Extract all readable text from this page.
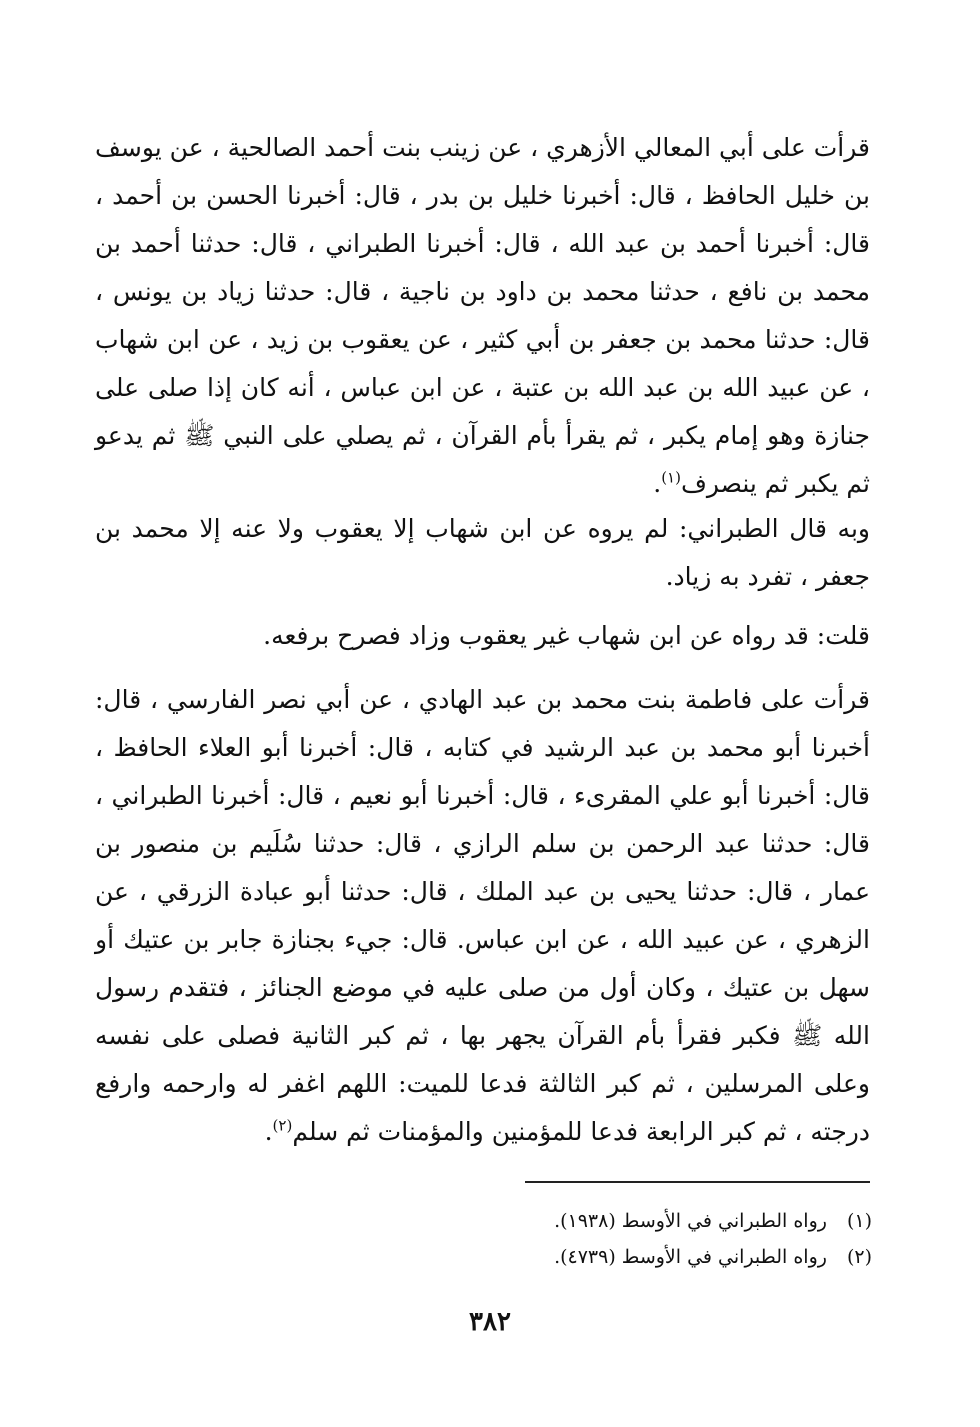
قرأت على أبي المعالي الأزهري ، عن زينب بنت أحمد الصالحية ، عن يوسف بن خليل الحافظ ، قال: أخبرنا خليل بن بدر ، قال: أخبرنا الحسن بن أحمد ، قال: أخبرنا أحمد بن عبد الله ، قال: أخبرنا الطبراني ، قال: حدثنا أحمد بن محمد بن نافع ، حدثنا محمد بن داود بن ناجية ، قال: حدثنا زياد بن يونس ، قال: حدثنا محمد بن جعفر بن أبي كثير ، عن يعقوب بن زيد ، عن ابن شهاب ، عن عبيد الله بن عبد الله بن عتبة ، عن ابن عباس ، أنه كان إذا صلى على جنازة وهو إمام يكبر ، ثم يقرأ بأم القرآن ، ثم يصلي على النبي ﷺ ثم يدعو ثم يكبر ثم ينصرف$^{(١)}$.

وبه قال الطبراني: لم يروه عن ابن شهاب إلا يعقوب ولا عنه إلا محمد بن جعفر ، تفرد به زياد.

قلت: قد رواه عن ابن شهاب غير يعقوب وزاد فصرح برفعه.

قرأت على فاطمة بنت محمد بن عبد الهادي ، عن أبي نصر الفارسي ، قال: أخبرنا أبو محمد بن عبد الرشيد في كتابه ، قال: أخبرنا أبو العلاء الحافظ ، قال: أخبرنا أبو علي المقرىء ، قال: أخبرنا أبو نعيم ، قال: أخبرنا الطبراني ، قال: حدثنا عبد الرحمن بن سلم الرازي ، قال: حدثنا سُلَيم بن منصور بن عمار ، قال: حدثنا يحيى بن عبد الملك ، قال: حدثنا أبو عبادة الزرقي ، عن الزهري ، عن عبيد الله ، عن ابن عباس. قال: جيء بجنازة جابر بن عتيك أو سهل بن عتيك ، وكان أول من صلى عليه في موضع الجنائز ، فتقدم رسول الله ﷺ فكبر فقرأ بأم القرآن يجهر بها ، ثم كبر الثانية فصلى على نفسه وعلى المرسلين ، ثم كبر الثالثة فدعا للميت: اللهم اغفر له وارحمه وارفع درجته ، ثم كبر الرابعة فدعا للمؤمنين والمؤمنات ثم سلم$^{(٢)}$.

(١)رواه الطبراني في الأوسط (١٩٣٨).
(٢)رواه الطبراني في الأوسط (٤٧٣٩).
٣٨٢
